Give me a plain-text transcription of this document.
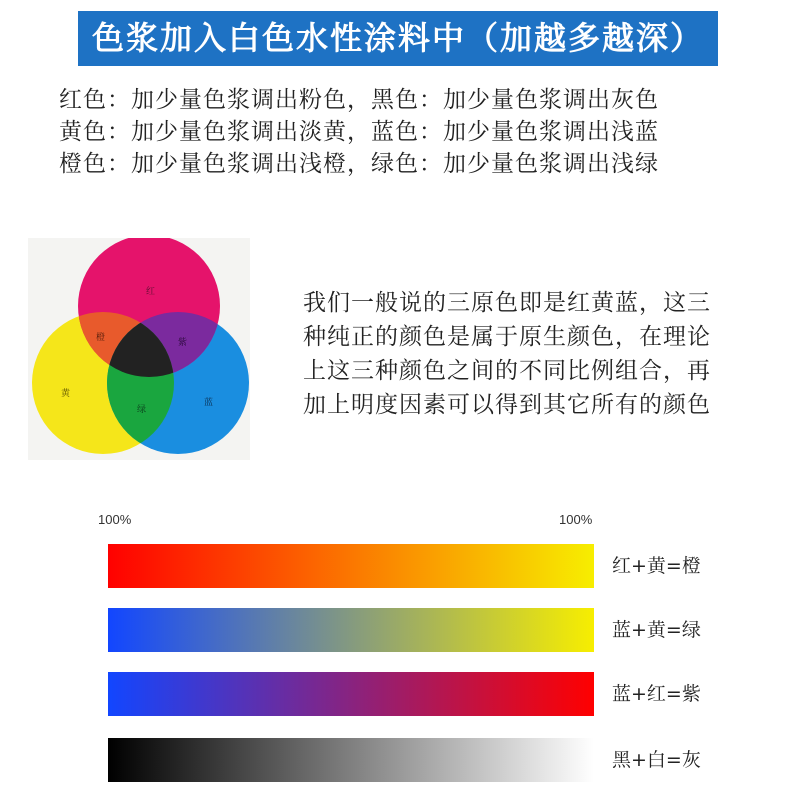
色浆加入白色水性涂料中（加越多越深）
红色：加少量色浆调出粉色，黑色：加少量色浆调出灰色
黄色：加少量色浆调出淡黄，蓝色：加少量色浆调出浅蓝
橙色：加少量色浆调出浅橙，绿色：加少量色浆调出浅绿
红
橙	紫
黄
绿
蓝
我们一般说的三原色即是红黄蓝，这三
种纯正的颜色是属于原生颜色，在理论
上这三种颜色之间的不同比例组合，再
加上明度因素可以得到其它所有的颜色
100%	100%
红+黄=橙
蓝+黄=绿
蓝+红=紫
黑+白=灰
